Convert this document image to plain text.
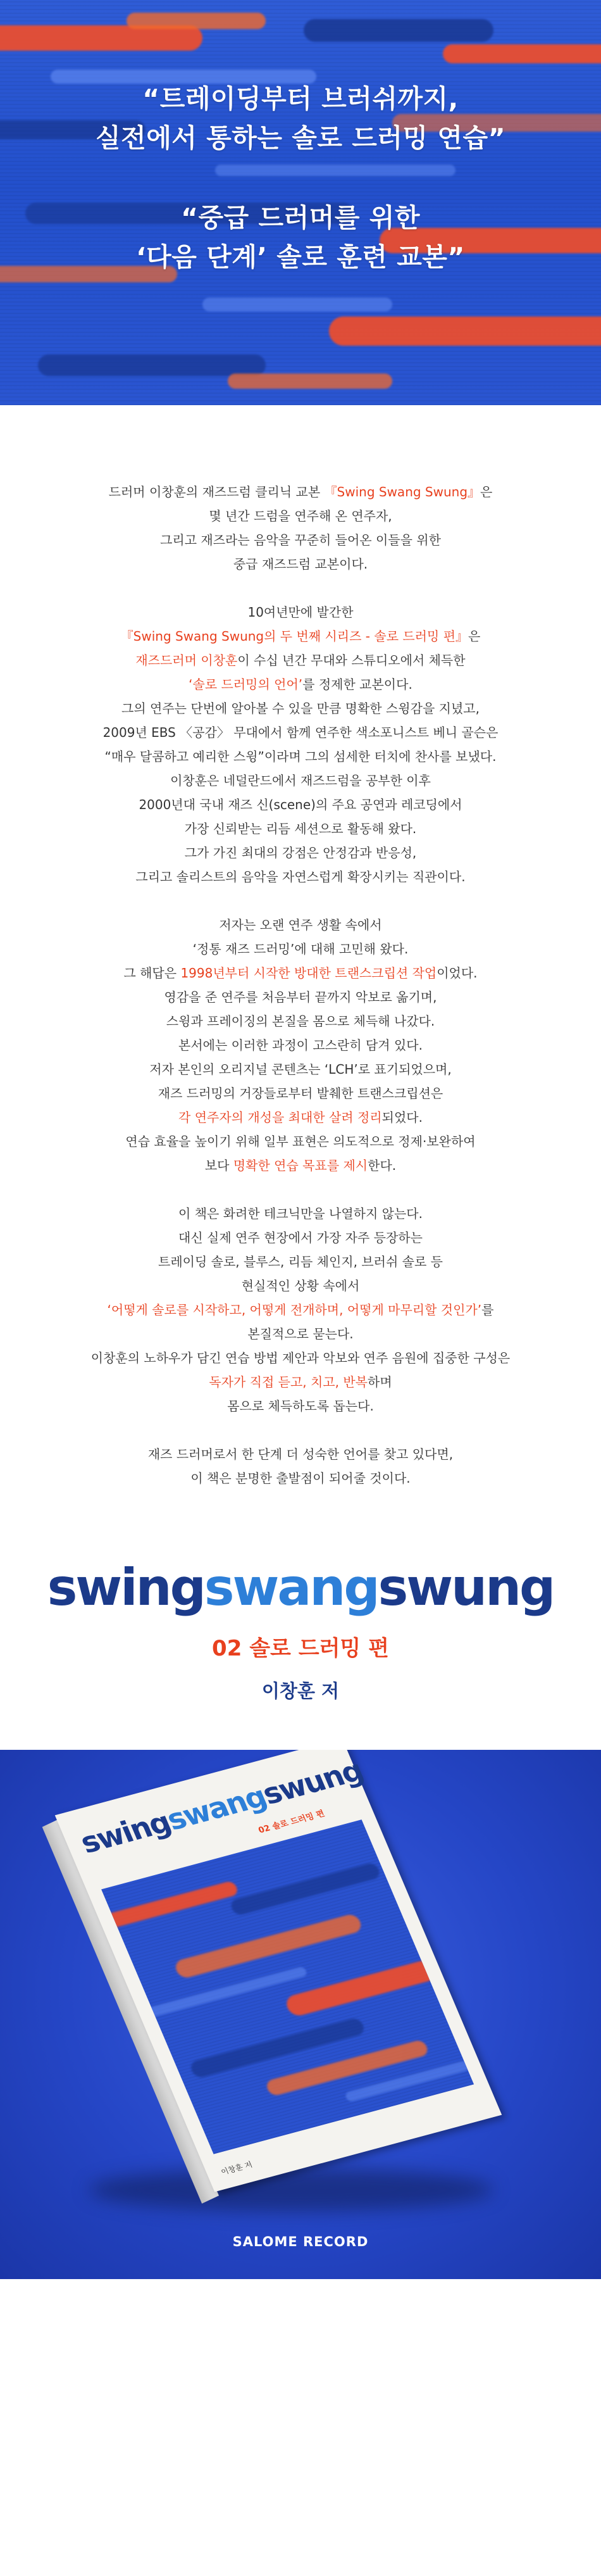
“트레이딩부터 브러쉬까지,
실전에서 통하는 솔로 드러밍 연습”
“중급 드러머를 위한
‘다음 단계’ 솔로 훈련 교본”
드러머 이창훈의 재즈드럼 클리닉 교본 『Swing Swang Swung』은
몇 년간 드럼을 연주해 온 연주자,
그리고 재즈라는 음악을 꾸준히 들어온 이들을 위한
중급 재즈드럼 교본이다.
10여년만에 발간한
『Swing Swang Swung의 두 번째 시리즈 - 솔로 드러밍 편』은
재즈드러머 이창훈이 수십 년간 무대와 스튜디오에서 체득한
‘솔로 드러밍의 언어’를 정제한 교본이다.
그의 연주는 단번에 알아볼 수 있을 만큼 명확한 스윙감을 지녔고,
2009년 EBS 〈공감〉 무대에서 함께 연주한 색소포니스트 베니 골슨은
“매우 달콤하고 예리한 스윙”이라며 그의 섬세한 터치에 찬사를 보냈다.
이창훈은 네덜란드에서 재즈드럼을 공부한 이후
2000년대 국내 재즈 신(scene)의 주요 공연과 레코딩에서
가장 신뢰받는 리듬 세션으로 활동해 왔다.
그가 가진 최대의 강점은 안정감과 반응성,
그리고 솔리스트의 음악을 자연스럽게 확장시키는 직관이다.
저자는 오랜 연주 생활 속에서
‘정통 재즈 드러밍’에 대해 고민해 왔다.
그 해답은 1998년부터 시작한 방대한 트랜스크립션 작업이었다.
영감을 준 연주를 처음부터 끝까지 악보로 옮기며,
스윙과 프레이징의 본질을 몸으로 체득해 나갔다.
본서에는 이러한 과정이 고스란히 담겨 있다.
저자 본인의 오리지널 콘텐츠는 ‘LCH’로 표기되었으며,
재즈 드러밍의 거장들로부터 발췌한 트랜스크립션은
각 연주자의 개성을 최대한 살려 정리되었다.
연습 효율을 높이기 위해 일부 표현은 의도적으로 정제·보완하여
보다 명확한 연습 목표를 제시한다.
이 책은 화려한 테크닉만을 나열하지 않는다.
대신 실제 연주 현장에서 가장 자주 등장하는
트레이딩 솔로, 블루스, 리듬 체인지, 브러쉬 솔로 등
현실적인 상황 속에서
‘어떻게 솔로를 시작하고, 어떻게 전개하며, 어떻게 마무리할 것인가’를
본질적으로 묻는다.
이창훈의 노하우가 담긴 연습 방법 제안과 악보와 연주 음원에 집중한 구성은
독자가 직접 듣고, 치고, 반복하며
몸으로 체득하도록 돕는다.
재즈 드러머로서 한 단계 더 성숙한 언어를 찾고 있다면,
이 책은 분명한 출발점이 되어줄 것이다.
swingswangswung
02 솔로 드러밍 편
이창훈 저
swingswangswung
02 솔로 드러밍 편
이창훈 저
SALOME RECORD
